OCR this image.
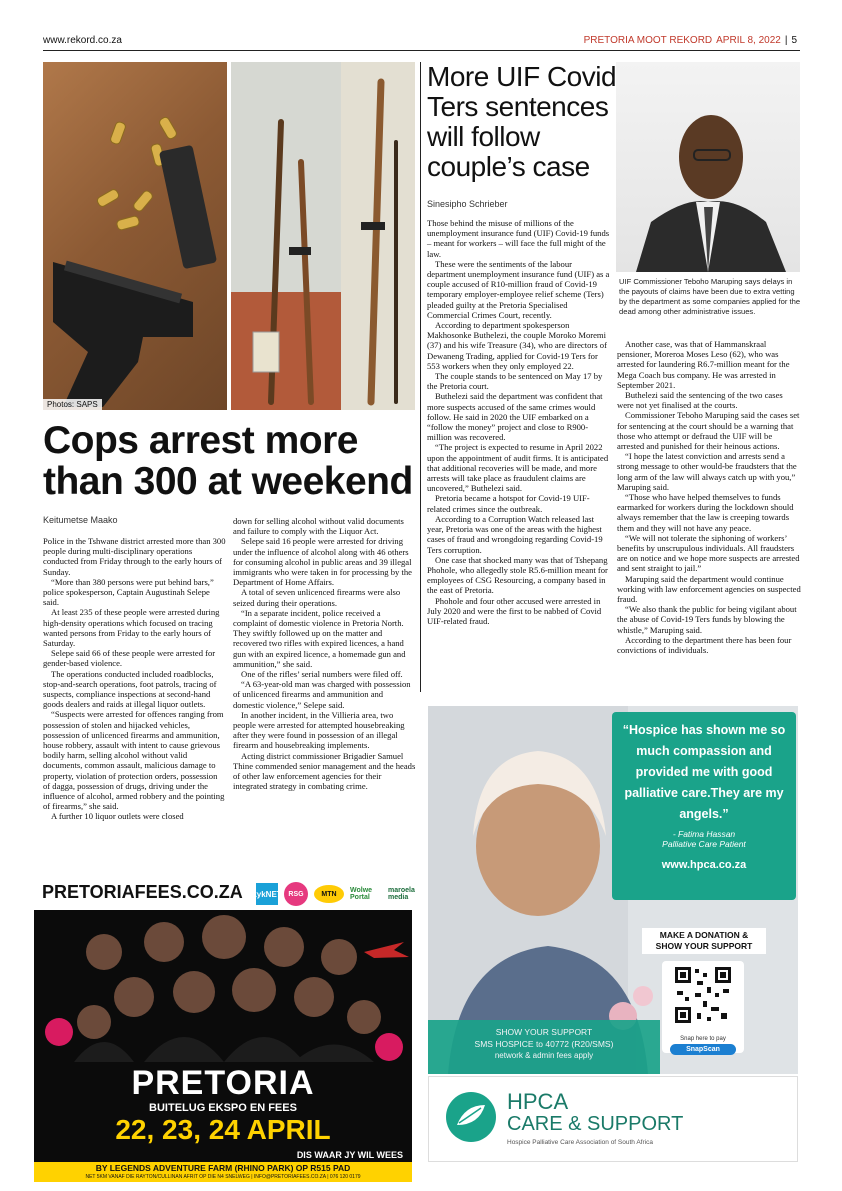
www.rekord.co.za	PRETORIA MOOT REKORD APRIL 8, 2022 | 5
Photos: SAPS
Cops arrest more than 300 at weekend
Keitumetse Maako

Police in the Tshwane district arrested more than 300 people during multi-disciplinary operations conducted from Friday through to the early hours of Sunday.

“More than 380 persons were put behind bars,” police spokesperson, Captain Augustinah Selepe said.

At least 235 of these people were arrested during high-density operations which focused on tracing wanted persons from Friday to the early hours of Saturday.

Selepe said 66 of these people were arrested for gender-based violence.

The operations conducted included roadblocks, stop-and-search operations, foot patrols, tracing of suspects, compliance inspections at second-hand goods dealers and raids at illegal liquor outlets.

“Suspects were arrested for offences ranging from possession of stolen and hijacked vehicles, possession of unlicenced firearms and ammunition, house robbery, assault with intent to cause grievous bodily harm, selling alcohol without valid documents, common assault, malicious damage to property, violation of protection orders, possession of dagga, possession of drugs, driving under the influence of alcohol, armed robbery and the pointing of firearms,” she said.

A further 10 liquor outlets were closed

down for selling alcohol without valid documents and failure to comply with the Liquor Act.

Selepe said 16 people were arrested for driving under the influence of alcohol along with 46 others for consuming alcohol in public areas and 39 illegal immigrants who were taken in for processing by the Department of Home Affairs.

A total of seven unlicenced firearms were also seized during their operations.

“In a separate incident, police received a complaint of domestic violence in Pretoria North. They swiftly followed up on the matter and recovered two rifles with expired licences, a hand gun with an expired licence, a homemade gun and ammunition,” she said.

One of the rifles’ serial numbers were filed off.

“A 63-year-old man was charged with possession of unlicenced firearms and ammunition and domestic violence,” Selepe said.

In another incident, in the Villieria area, two people were arrested for attempted housebreaking after they were found in possession of an illegal firearm and housebreaking implements.

Acting district commissioner Brigadier Samuel Thine commended senior management and the heads of other law enforcement agencies for their integrated strategy in combating crime.

More UIF Covid Ters sentences will follow couple’s case
Sinesipho Schrieber
UIF Commissioner Teboho Maruping says delays in the payouts of claims have been due to extra vetting by the department as some companies applied for the dead among other administrative issues.

Those behind the misuse of millions of the unemployment insurance fund (UIF) Covid-19 funds – meant for workers – will face the full might of the law.

These were the sentiments of the labour department unemployment insurance fund (UIF) as a couple accused of R10-million fraud of Covid-19 temporary employer-employee relief scheme (Ters) pleaded guilty at the Pretoria Specialised Commercial Crimes Court, recently.

According to department spokesperson Makhosonke Buthelezi, the couple Moroko Moremi (37) and his wife Treasure (34), who are directors of Dewaneng Trading, applied for Covid-19 Ters for 553 workers when they only employed 22.

The couple stands to be sentenced on May 17 by the Pretoria court.

Buthelezi said the department was confident that more suspects accused of the same crimes would follow. He said in 2020 the UIF embarked on a “follow the money” project and close to R900-million was recovered.

“The project is expected to resume in April 2022 upon the appointment of audit firms. It is anticipated that additional recoveries will be made, and more arrests will take place as fraudulent claims are uncovered,” Buthelezi said.

Pretoria became a hotspot for Covid-19 UIF-related crimes since the outbreak.

According to a Corruption Watch released last year, Pretoria was one of the areas with the highest cases of fraud and wrongdoing regarding Covid-19 Ters corruption.

One case that shocked many was that of Tshepang Phohole, who allegedly stole R5.6-million meant for employees of CSG Resourcing, a company based in the east of Pretoria.

Phohole and four other accused were arrested in July 2020 and were the first to be nabbed of Covid UIF-related fraud.

Another case, was that of Hammanskraal pensioner, Moreroa Moses Leso (62), who was arrested for laundering R6.7-million meant for the Mega Coach bus company. He was arrested in September 2021.

Buthelezi said the sentencing of the two cases were not yet finalised at the courts.

Commissioner Teboho Maruping said the cases set for sentencing at the court should be a warning that those who attempt or defraud the UIF will be arrested and punished for their heinous actions.

“I hope the latest conviction and arrests send a strong message to other would-be fraudsters that the long arm of the law will always catch up with you,” Maruping said.

“Those who have helped themselves to funds earmarked for workers during the lockdown should always remember that the law is creeping towards them and they will not have any peace.

“We will not tolerate the siphoning of workers’ benefits by unscrupulous individuals. All fraudsters are on notice and we hope more suspects are arrested and sent straight to jail.”

Maruping said the department would continue working with law enforcement agencies on suspected fraud.

“We also thank the public for being vigilant about the abuse of Covid-19 Ters funds by blowing the whistle,” Maruping said.

According to the department there has been four convictions of individuals.

PRETORIAFEES.CO.ZA kykNET RSG	MTN	Wolwe Portal
maroela media
PRETORIA
BUITELUG EKSPO EN FEES
22, 23, 24 APRIL
DIS WAAR JY WIL WEES
BY LEGENDS ADVENTURE FARM (RHINO PARK) OP R515 PAD
NET 5KM VANAF DIE RAYTON/CULLINAN AFRIT OP DIE N4 SNELWEG | INFO@PRETORIAFEES.CO.ZA | 076 120 0179
“Hospice has shown me so much compassion and provided me with good palliative care.They are my angels.”
- Fatima Hassan
Palliative Care Patient
www.hpca.co.za
MAKE A DONATION & SHOW YOUR SUPPORT
Snap here to pay
SnapScan
SHOW YOUR SUPPORT
SMS HOSPICE to 40772 (R20/SMS)
network & admin fees apply
HPCA
CARE & SUPPORT
Hospice Palliative Care Association of South Africa
